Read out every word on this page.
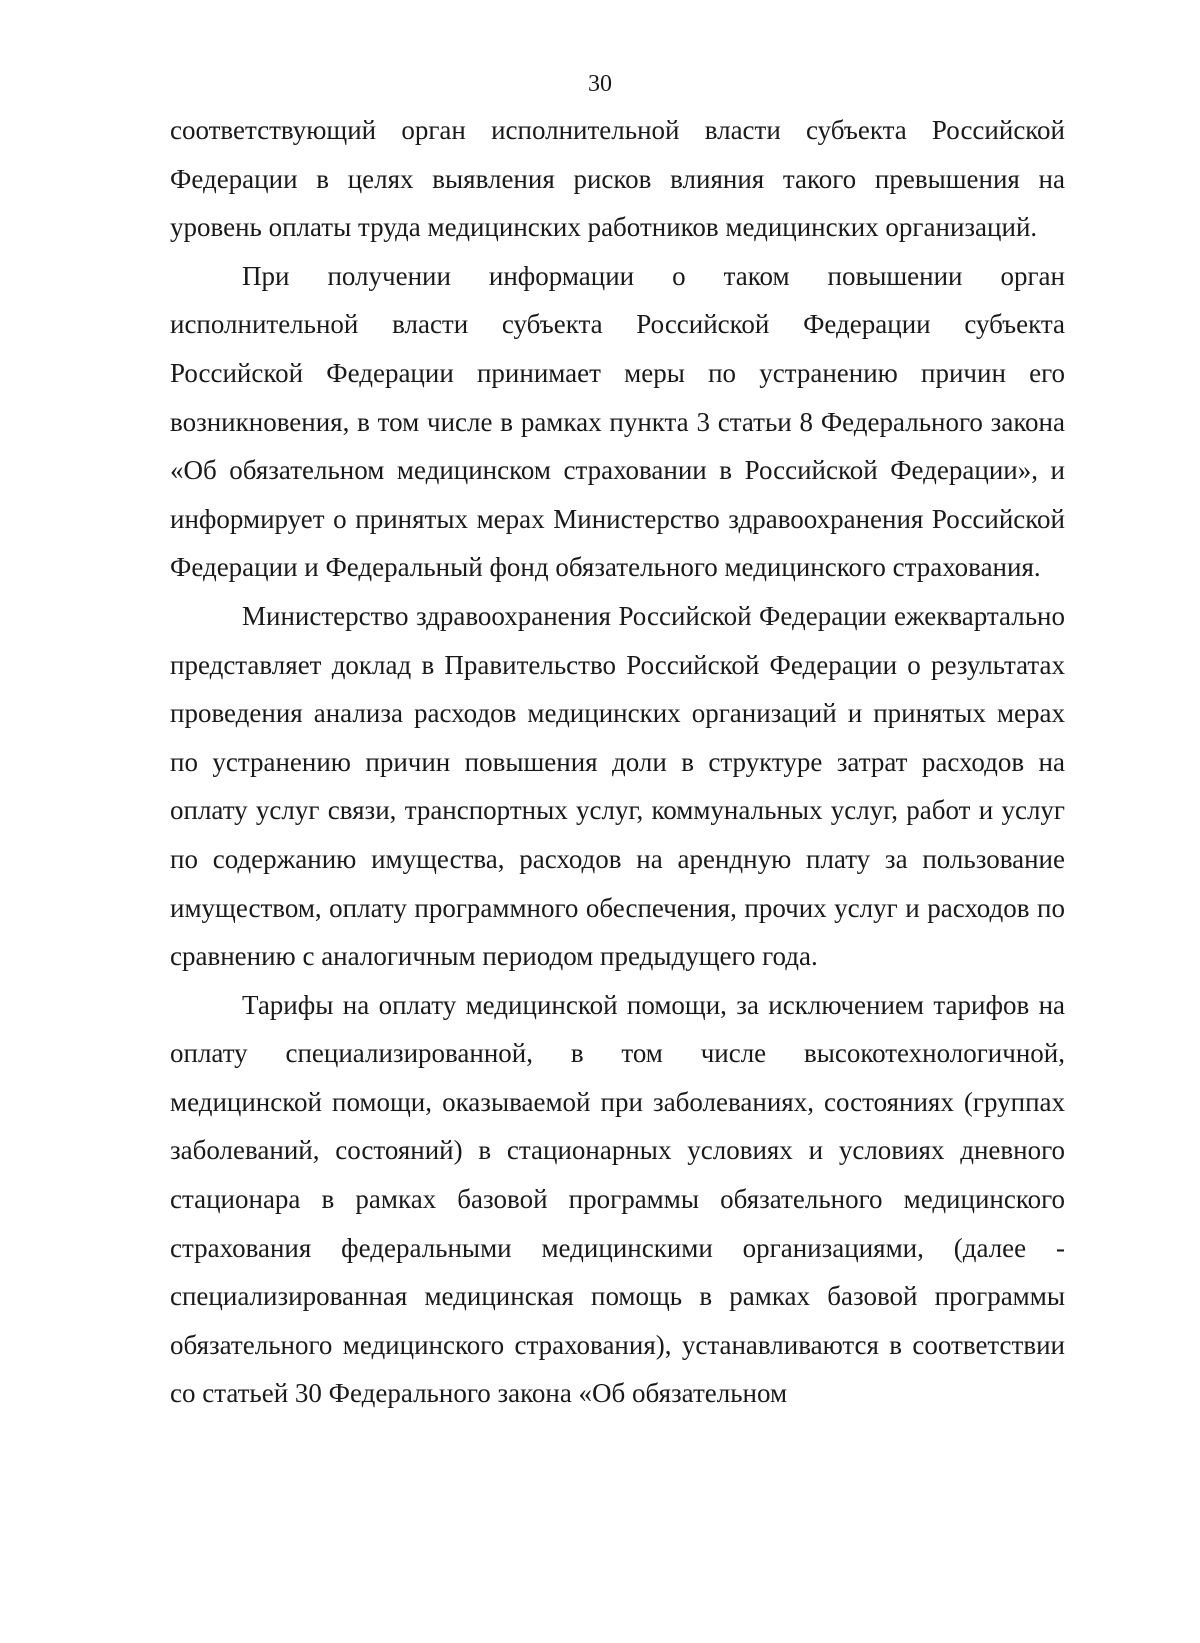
30

соответствующий орган исполнительной власти субъекта Российской Федерации в целях выявления рисков влияния такого превышения на уровень оплаты труда медицинских работников медицинских организаций.

При получении информации о таком повышении орган исполнительной власти субъекта Российской Федерации субъекта Российской Федерации принимает меры по устранению причин его возникновения, в том числе в рамках пункта 3 статьи 8 Федерального закона «Об обязательном медицинском страховании в Российской Федерации», и информирует о принятых мерах Министерство здравоохранения Российской Федерации и Федеральный фонд обязательного медицинского страхования.

Министерство здравоохранения Российской Федерации ежеквартально представляет доклад в Правительство Российской Федерации о результатах проведения анализа расходов медицинских организаций и принятых мерах по устранению причин повышения доли в структуре затрат расходов на оплату услуг связи, транспортных услуг, коммунальных услуг, работ и услуг по содержанию имущества, расходов на арендную плату за пользование имуществом, оплату программного обеспечения, прочих услуг и расходов по сравнению с аналогичным периодом предыдущего года.

Тарифы на оплату медицинской помощи, за исключением тарифов на оплату специализированной, в том числе высокотехнологичной, медицинской помощи, оказываемой при заболеваниях, состояниях (группах заболеваний, состояний) в стационарных условиях и условиях дневного стационара в рамках базовой программы обязательного медицинского страхования федеральными медицинскими организациями, (далее - специализированная медицинская помощь в рамках базовой программы обязательного медицинского страхования), устанавливаются в соответствии со статьей 30 Федерального закона «Об обязательном
